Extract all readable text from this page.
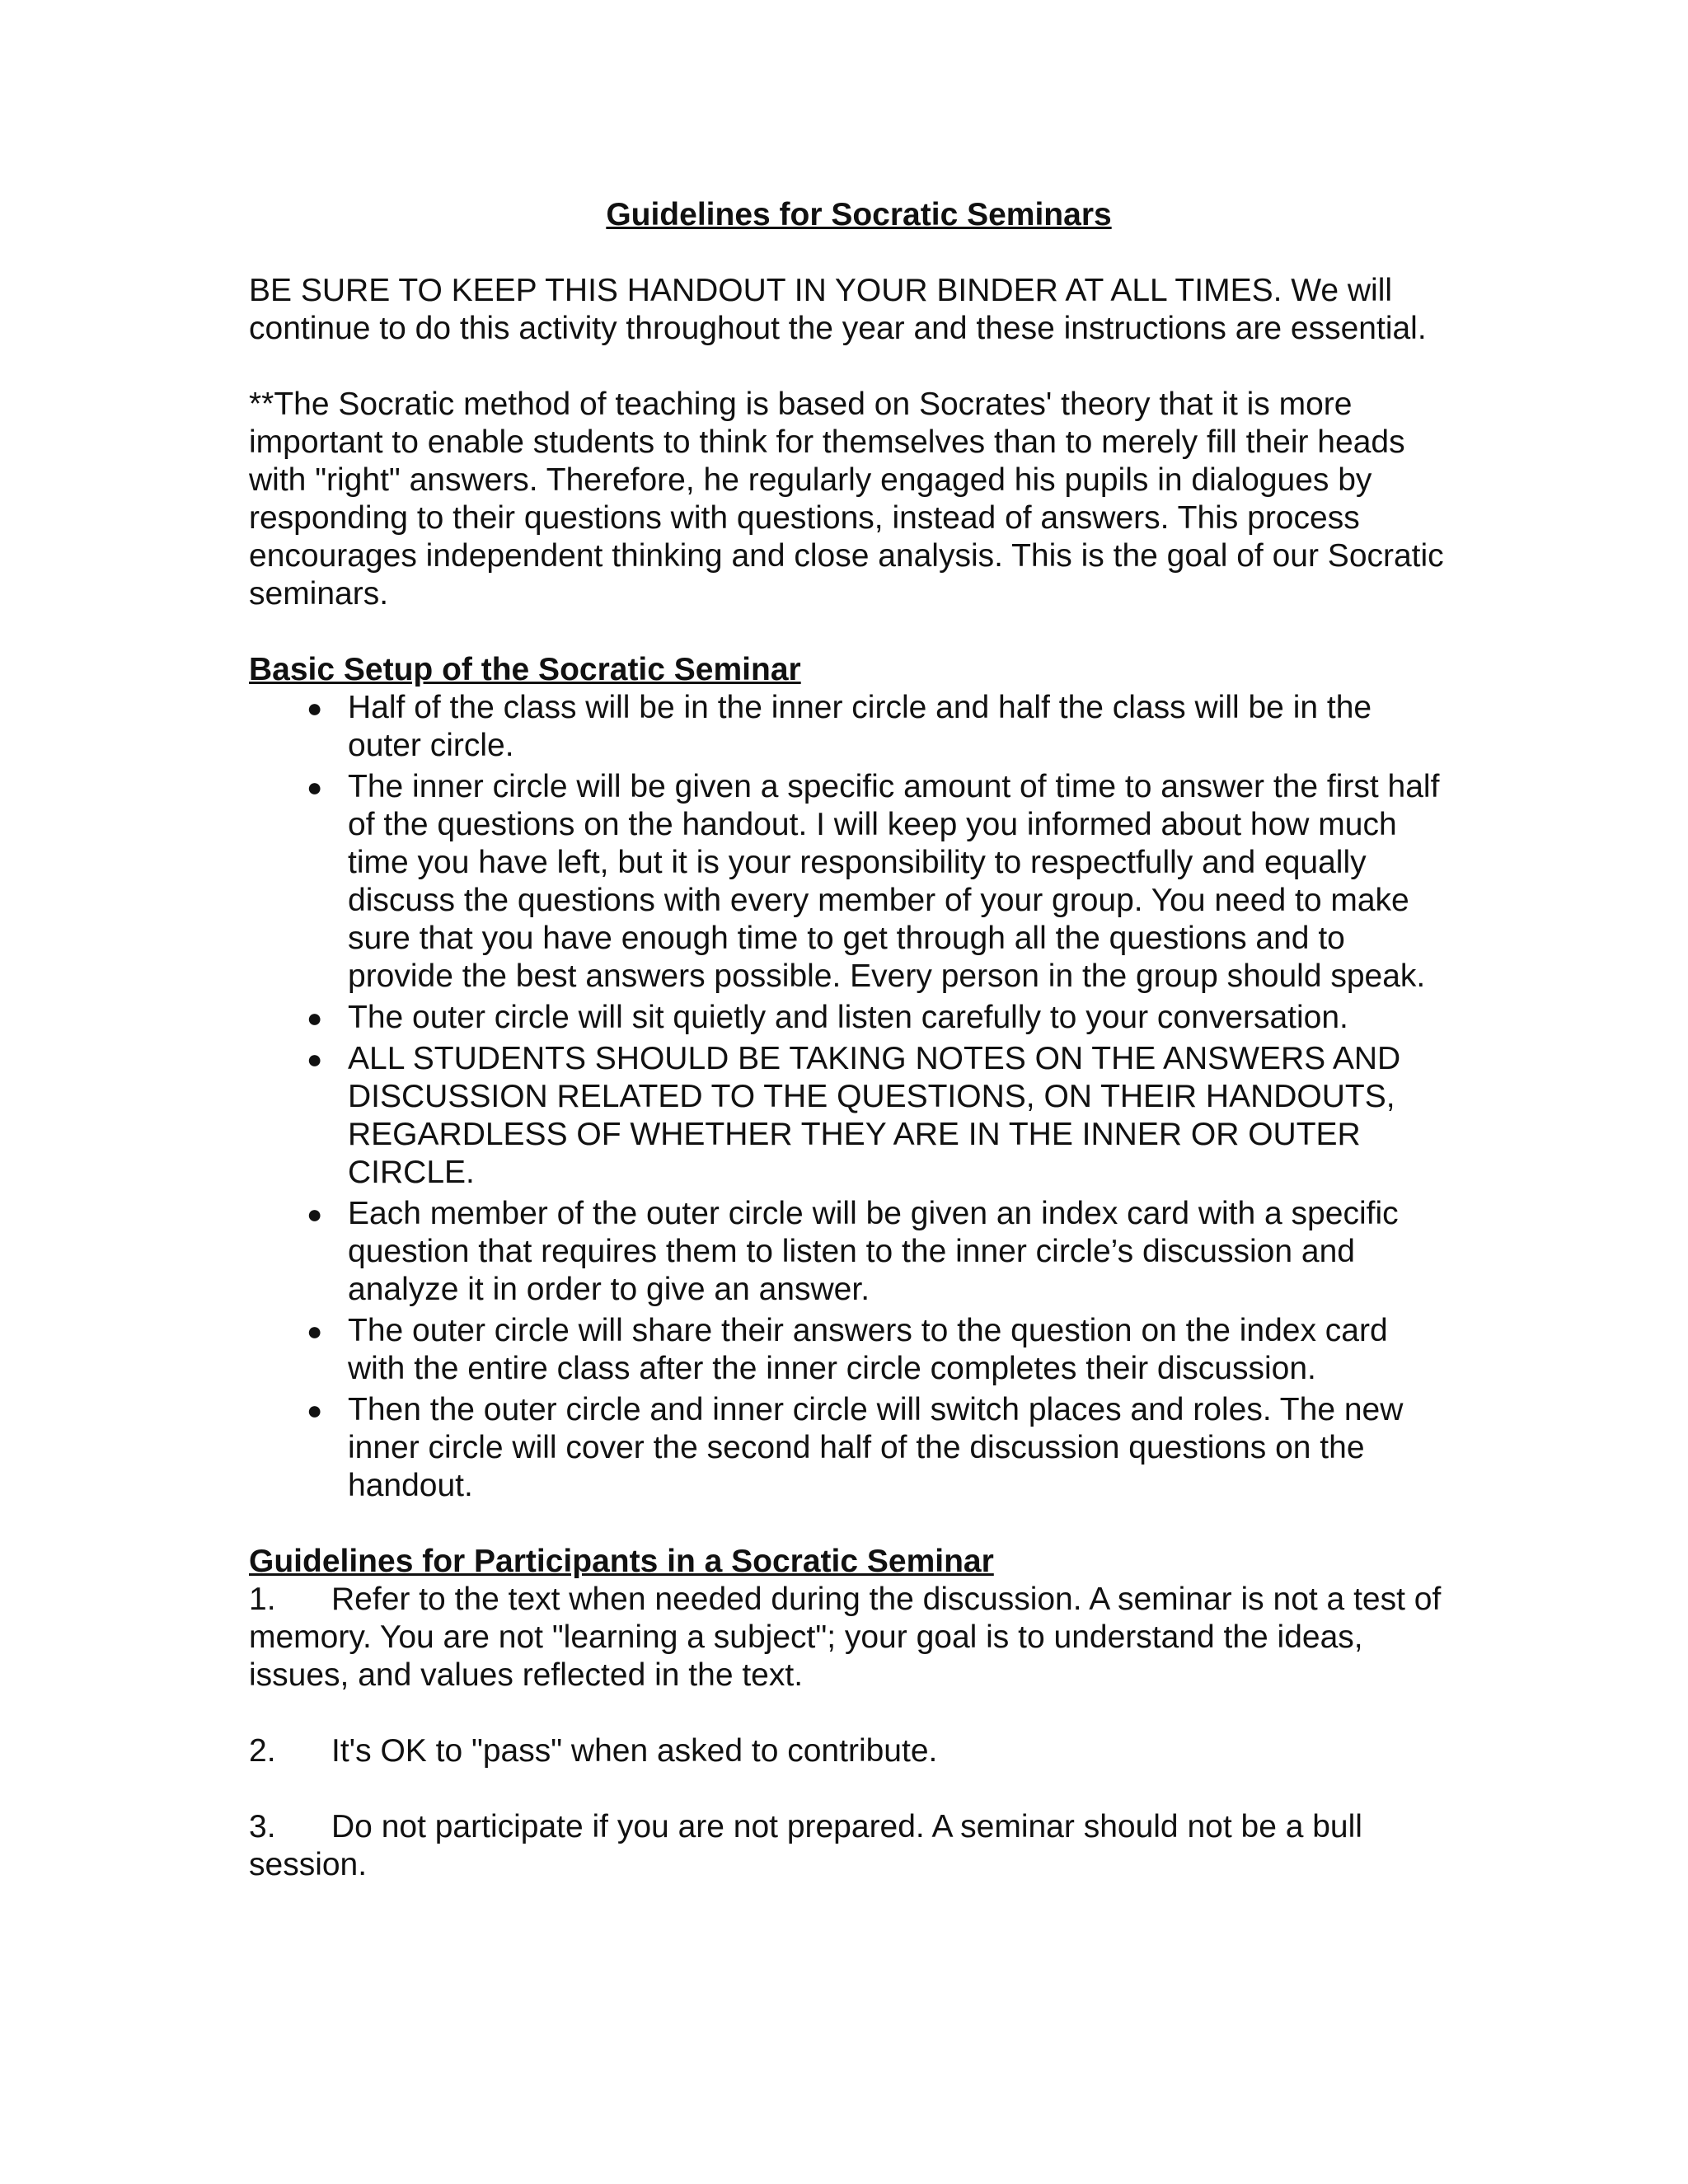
Guidelines for Socratic Seminars

BE SURE TO KEEP THIS HANDOUT IN YOUR BINDER AT ALL TIMES. We will continue to do this activity throughout the year and these instructions are essential.

**The Socratic method of teaching is based on Socrates' theory that it is more important to enable students to think for themselves than to merely fill their heads with "right" answers. Therefore, he regularly engaged his pupils in dialogues by responding to their questions with questions, instead of answers. This process encourages independent thinking and close analysis. This is the goal of our Socratic seminars.

Basic Setup of the Socratic Seminar
● Half of the class will be in the inner circle and half the class will be in the outer circle.
● The inner circle will be given a specific amount of time to answer the first half of the questions on the handout. I will keep you informed about how much time you have left, but it is your responsibility to respectfully and equally discuss the questions with every member of your group. You need to make sure that you have enough time to get through all the questions and to provide the best answers possible. Every person in the group should speak.
● The outer circle will sit quietly and listen carefully to your conversation.
● ALL STUDENTS SHOULD BE TAKING NOTES ON THE ANSWERS AND DISCUSSION RELATED TO THE QUESTIONS, ON THEIR HANDOUTS, REGARDLESS OF WHETHER THEY ARE IN THE INNER OR OUTER CIRCLE.
● Each member of the outer circle will be given an index card with a specific question that requires them to listen to the inner circle’s discussion and analyze it in order to give an answer.
● The outer circle will share their answers to the question on the index card with the entire class after the inner circle completes their discussion.
● Then the outer circle and inner circle will switch places and roles. The new inner circle will cover the second half of the discussion questions on the handout.
Guidelines for Participants in a Socratic Seminar
1. Refer to the text when needed during the discussion. A seminar is not a test of memory. You are not "learning a subject"; your goal is to understand the ideas, issues, and values reflected in the text.
2. It's OK to "pass" when asked to contribute.
3. Do not participate if you are not prepared. A seminar should not be a bull session.
